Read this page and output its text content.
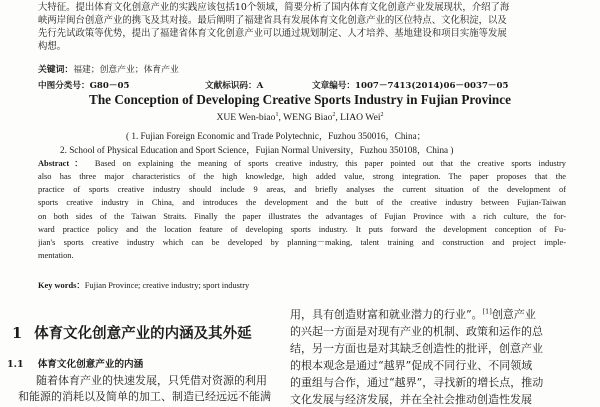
大特征。提出体育文化创意产业的实践应该包括10个领域，简要分析了国内体育文化创意产业发展现状，介绍了海
峡两岸闽台创意产业的携飞及其对接。最后阐明了福建省具有发展体育文化创意产业的区位特点、文化积淀，以及
先行先试政策等优势，提出了福建省体育文化创意产业可以通过规划制定、人才培养、基地建设和项目实施等发展
构想。
关键词：福建；创意产业；体育产业
中图分类号：G80－05	文献标识码：A	文章编号：1007－7413(2014)06－0037－05
The Conception of Developing Creative Sports Industry in Fujian Province
XUE Wen-biao$^1$, WENG Biao$^2$, LIAO Wei$^2$
( 1. Fujian Foreign Economic and Trade Polytechnic，Fuzhou 350016，China；
2. School of Physical Education and Sport Science，Fujian Normal University，Fuzhou 350108，China )
Abstract： Based on explaining the meaning of sports creative industry, this paper pointed out that the creative sports industry
also has three major characteristics of the high knowledge, high added value, strong integration. The paper proposes that the
practice of sports creative industry should include 9 areas, and briefly analyses the current situation of the development of
sports creative industry in China, and introduces the development and the butt of the creative industry between Fujian-Taiwan
on both sides of the Taiwan Straits. Finally the paper illustrates the advantages of Fujian Province with a rich culture, the for-
ward practice policy and the location feature of developing sports industry. It puts forward the development conception of Fu-
jian's sports creative industry which can be developed by planning－making, talent training and construction and project imple-
mentation.
Key words：Fujian Province; creative industry; sport industry
1 体育文化创意产业的内涵及其外延
1.1 体育文化创意产业的内涵
随着体育产业的快速发展，只凭借对资源的利用
和能源的消耗以及简单的加工、制造已经远远不能满
用，具有创造财富和就业潜力的行业”。[1]创意产业
的兴起一方面是对现有产业的机制、政策和运作的总
结，另一方面也是对其缺乏创造性的批评，创意产业
的根本观念是通过“越界”促成不同行业、不同领域
的重组与合作，通过“越界”，寻找新的增长点，推动
文化发展与经济发展，并在全社会推动创造性发展
